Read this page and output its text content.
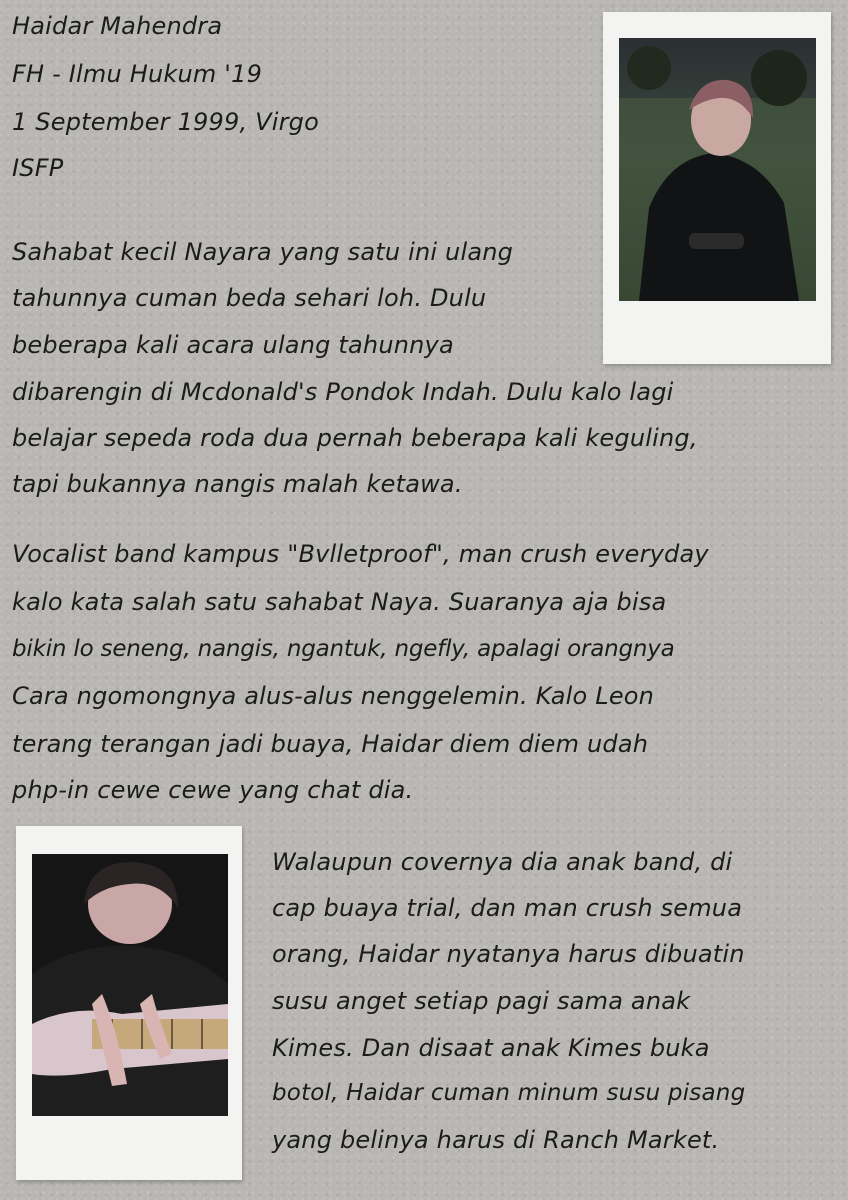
Haidar Mahendra
FH - Ilmu Hukum '19
1 September 1999, Virgo
ISFP
Sahabat kecil Nayara yang satu ini ulang
tahunnya cuman beda sehari loh. Dulu
beberapa kali acara ulang tahunnya
dibarengin di Mcdonald's Pondok Indah. Dulu kalo lagi
belajar sepeda roda dua pernah beberapa kali keguling,
tapi bukannya nangis malah ketawa.
Vocalist band kampus "Bvlletproof", man crush everyday
kalo kata salah satu sahabat Naya. Suaranya aja bisa
bikin lo seneng, nangis, ngantuk, ngefly, apalagi orangnya
Cara ngomongnya alus-alus nenggelemin. Kalo Leon
terang terangan jadi buaya, Haidar diem diem udah
php-in cewe cewe yang chat dia.
Walaupun covernya dia anak band, di
cap buaya trial, dan man crush semua
orang, Haidar nyatanya harus dibuatin
susu anget setiap pagi sama anak
Kimes. Dan disaat anak Kimes buka
botol, Haidar cuman minum susu pisang
yang belinya harus di Ranch Market.
